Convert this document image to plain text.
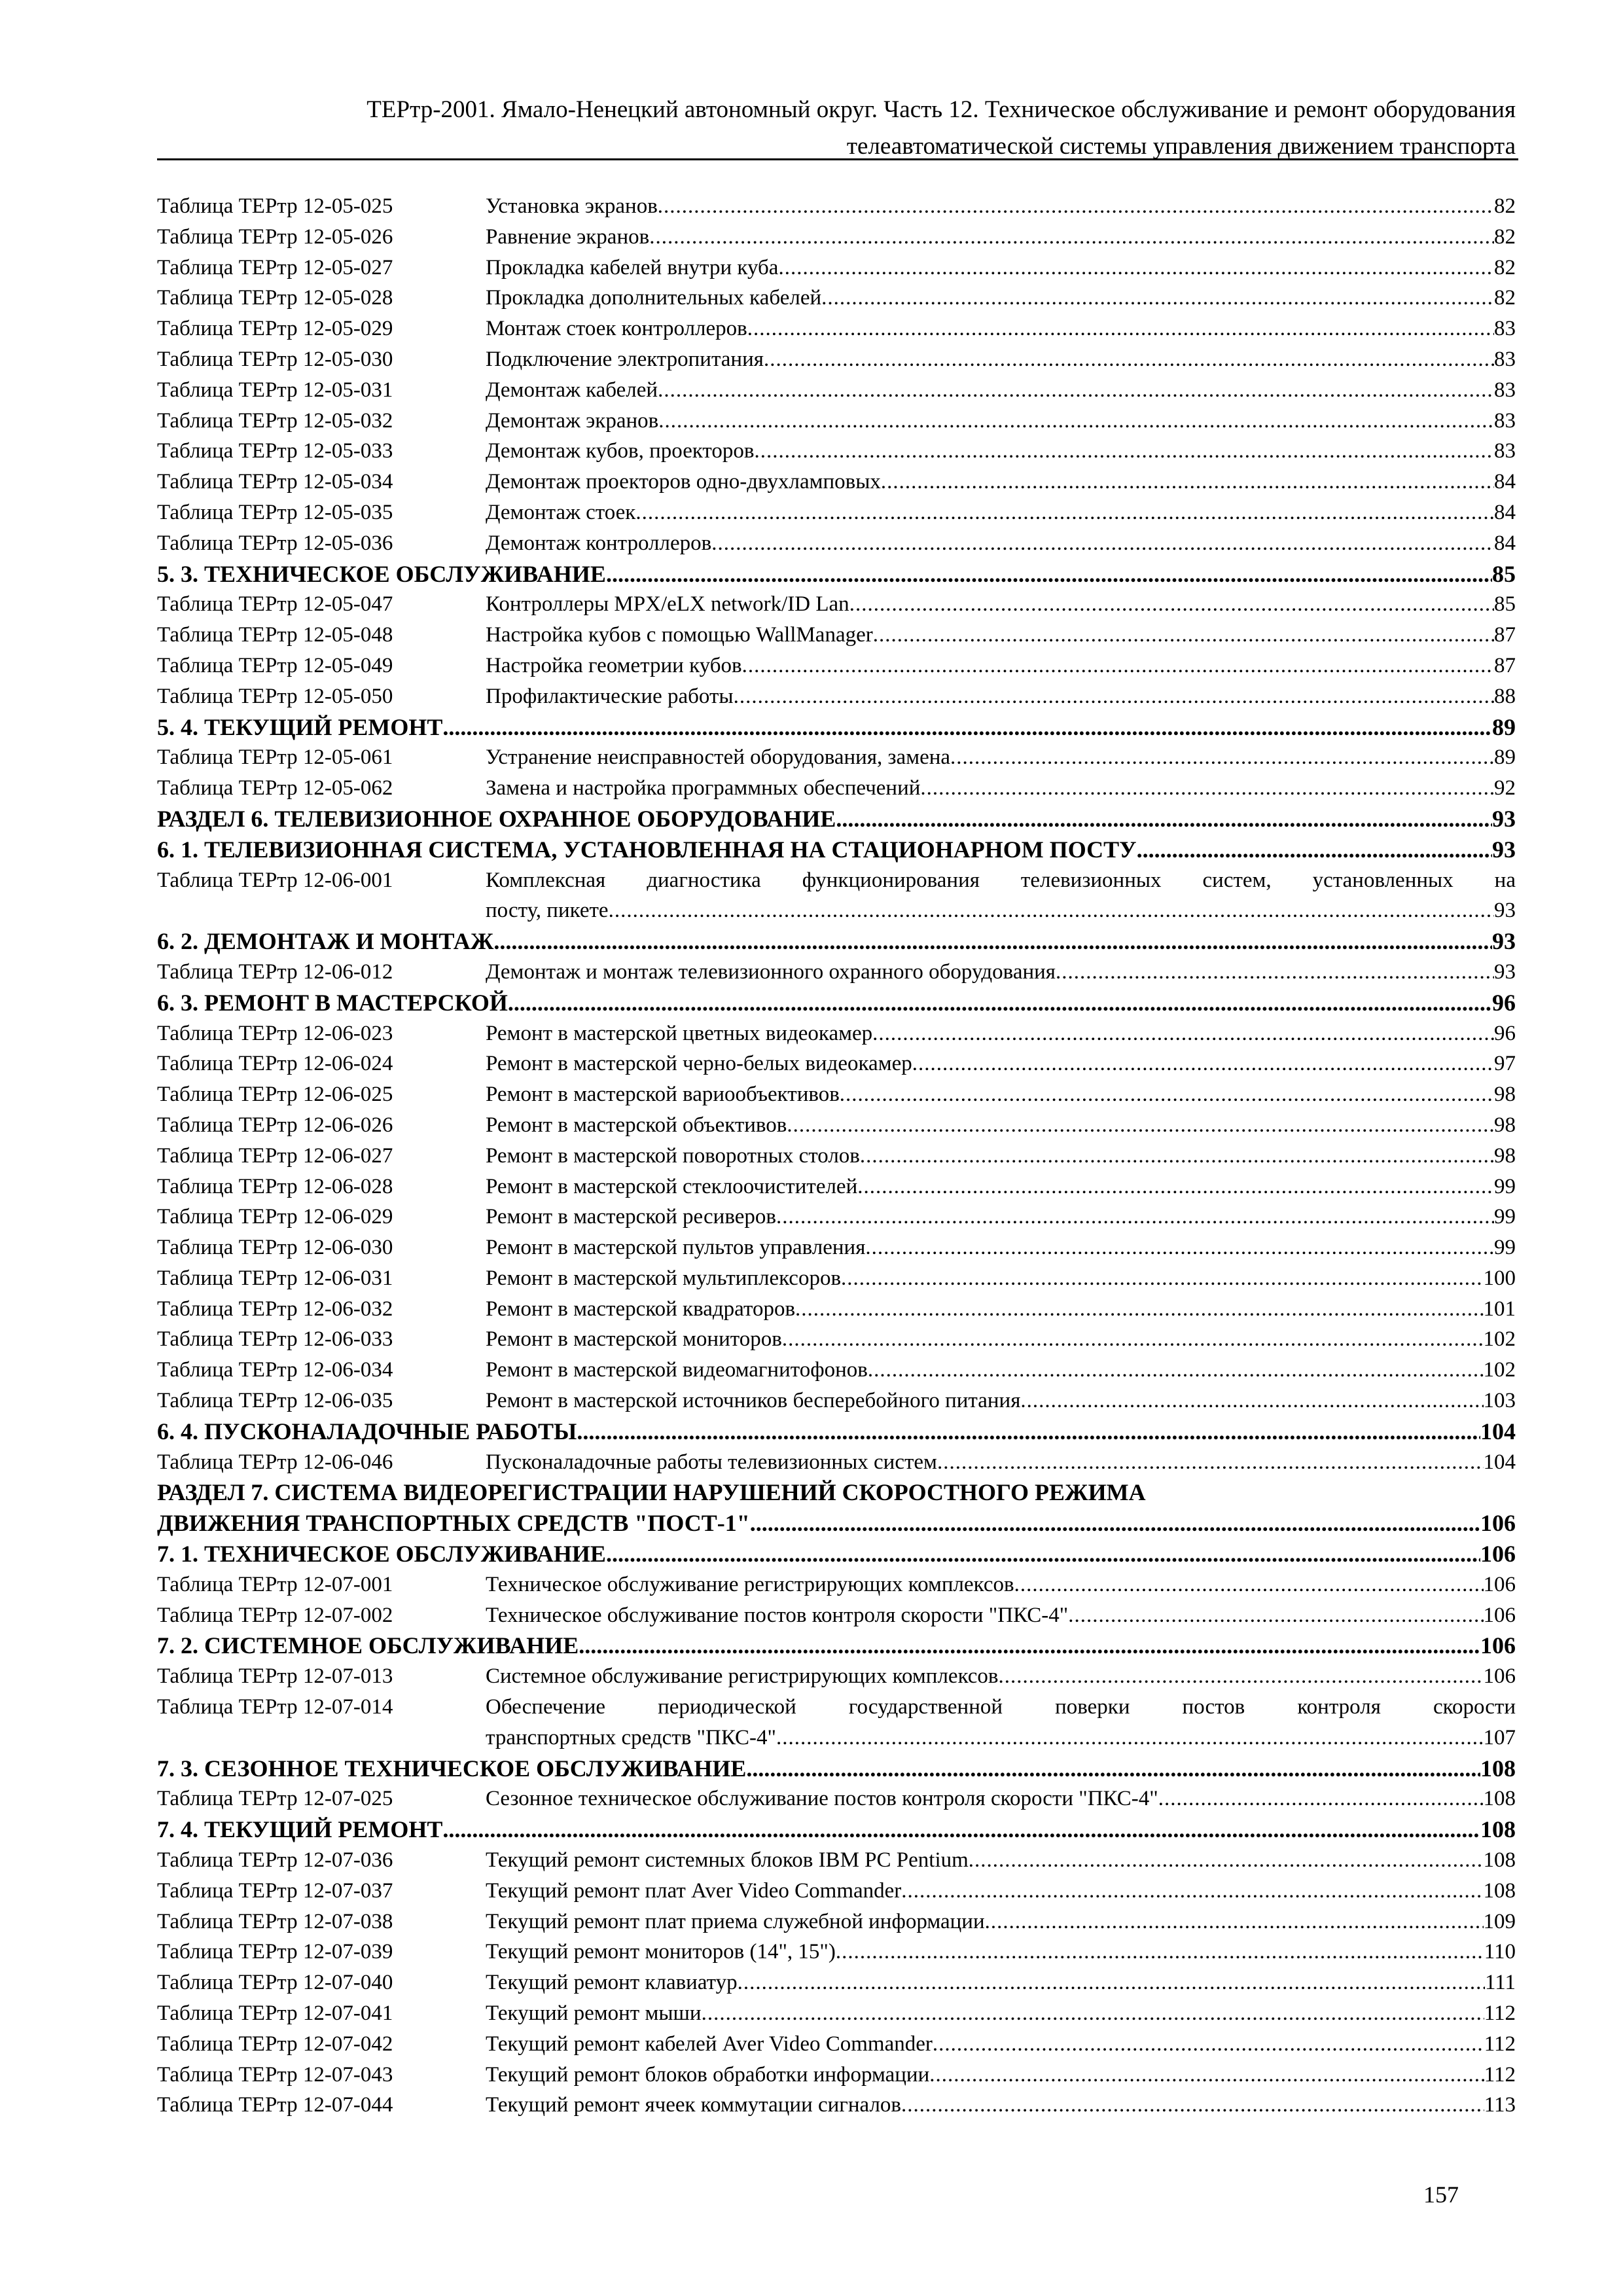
ТЕРтр-2001. Ямало-Ненецкий автономный округ. Часть 12. Техническое обслуживание и ремонт оборудования
телеавтоматической системы управления движением транспорта
Таблица ТЕРтр 12-05-025	Установка экранов .....	82
Таблица ТЕРтр 12-05-026	Равнение экранов .....	82
Таблица ТЕРтр 12-05-027	Прокладка кабелей внутри куба .....	82
Таблица ТЕРтр 12-05-028	Прокладка дополнительных кабелей .....	82
Таблица ТЕРтр 12-05-029	Монтаж стоек контроллеров .....	83
Таблица ТЕРтр 12-05-030	Подключение электропитания .....	83
Таблица ТЕРтр 12-05-031	Демонтаж кабелей .....	83
Таблица ТЕРтр 12-05-032	Демонтаж экранов .....	83
Таблица ТЕРтр 12-05-033	Демонтаж кубов, проекторов .....	83
Таблица ТЕРтр 12-05-034	Демонтаж проекторов одно-двухламповых .....	84
Таблица ТЕРтр 12-05-035	Демонтаж стоек .....	84
Таблица ТЕРтр 12-05-036	Демонтаж контроллеров .....	84
5. 3. ТЕХНИЧЕСКОЕ ОБСЛУЖИВАНИЕ .....	85
Таблица ТЕРтр 12-05-047	Контроллеры MPX/eLX network/ID Lan .....	85
Таблица ТЕРтр 12-05-048	Настройка кубов с помощью WallManager .....	87
Таблица ТЕРтр 12-05-049	Настройка геометрии кубов .....	87
Таблица ТЕРтр 12-05-050	Профилактические работы .....	88
5. 4. ТЕКУЩИЙ РЕМОНТ .....	89
Таблица ТЕРтр 12-05-061	Устранение неисправностей оборудования, замена .....	89
Таблица ТЕРтр 12-05-062	Замена и настройка программных обеспечений .....	92
РАЗДЕЛ 6. ТЕЛЕВИЗИОННОЕ ОХРАННОЕ ОБОРУДОВАНИЕ .....	93
6. 1. ТЕЛЕВИЗИОННАЯ СИСТЕМА, УСТАНОВЛЕННАЯ НА СТАЦИОНАРНОМ ПОСТУ .....	93
Таблица ТЕРтр 12-06-001	Комплексная диагностика функционирования телевизионных систем, установленных на
посту, пикете .....	93
6. 2. ДЕМОНТАЖ И МОНТАЖ .....	93
Таблица ТЕРтр 12-06-012	Демонтаж и монтаж телевизионного охранного оборудования .....	93
6. 3. РЕМОНТ В МАСТЕРСКОЙ .....	96
Таблица ТЕРтр 12-06-023	Ремонт в мастерской цветных видеокамер .....	96
Таблица ТЕРтр 12-06-024	Ремонт в мастерской черно-белых видеокамер .....	97
Таблица ТЕРтр 12-06-025	Ремонт в мастерской вариообъективов .....	98
Таблица ТЕРтр 12-06-026	Ремонт в мастерской объективов .....	98
Таблица ТЕРтр 12-06-027	Ремонт в мастерской поворотных столов .....	98
Таблица ТЕРтр 12-06-028	Ремонт в мастерской стеклоочистителей .....	99
Таблица ТЕРтр 12-06-029	Ремонт в мастерской ресиверов .....	99
Таблица ТЕРтр 12-06-030	Ремонт в мастерской пультов управления .....	99
Таблица ТЕРтр 12-06-031	Ремонт в мастерской мультиплексоров .....	100
Таблица ТЕРтр 12-06-032	Ремонт в мастерской квадраторов .....	101
Таблица ТЕРтр 12-06-033	Ремонт в мастерской мониторов .....	102
Таблица ТЕРтр 12-06-034	Ремонт в мастерской видеомагнитофонов .....	102
Таблица ТЕРтр 12-06-035	Ремонт в мастерской источников бесперебойного питания .....	103
6. 4. ПУСКОНАЛАДОЧНЫЕ РАБОТЫ .....	104
Таблица ТЕРтр 12-06-046	Пусконаладочные работы телевизионных систем .....	104
РАЗДЕЛ 7. СИСТЕМА ВИДЕОРЕГИСТРАЦИИ НАРУШЕНИЙ СКОРОСТНОГО РЕЖИМА
ДВИЖЕНИЯ ТРАНСПОРТНЫХ СРЕДСТВ "ПОСТ-1" .....	106
7. 1. ТЕХНИЧЕСКОЕ ОБСЛУЖИВАНИЕ .....	106
Таблица ТЕРтр 12-07-001	Техническое обслуживание регистрирующих комплексов .....	106
Таблица ТЕРтр 12-07-002	Техническое обслуживание постов контроля скорости "ПКС-4" .....	106
7. 2. СИСТЕМНОЕ ОБСЛУЖИВАНИЕ .....	106
Таблица ТЕРтр 12-07-013	Системное обслуживание регистрирующих комплексов .....	106
Таблица ТЕРтр 12-07-014	Обеспечение периодической государственной поверки постов контроля скорости
транспортных средств "ПКС-4" .....	107
7. 3. СЕЗОННОЕ ТЕХНИЧЕСКОЕ ОБСЛУЖИВАНИЕ .....	108
Таблица ТЕРтр 12-07-025	Сезонное техническое обслуживание постов контроля скорости "ПКС-4" .....	108
7. 4. ТЕКУЩИЙ РЕМОНТ .....	108
Таблица ТЕРтр 12-07-036	Текущий ремонт системных блоков IBM PC Pentium .....	108
Таблица ТЕРтр 12-07-037	Текущий ремонт плат Aver Video Commander .....	108
Таблица ТЕРтр 12-07-038	Текущий ремонт плат приема служебной информации .....	109
Таблица ТЕРтр 12-07-039	Текущий ремонт мониторов (14", 15") .....	110
Таблица ТЕРтр 12-07-040	Текущий ремонт клавиатур .....	111
Таблица ТЕРтр 12-07-041	Текущий ремонт мыши .....	112
Таблица ТЕРтр 12-07-042	Текущий ремонт кабелей Aver Video Commander .....	112
Таблица ТЕРтр 12-07-043	Текущий ремонт блоков обработки информации .....	112
Таблица ТЕРтр 12-07-044	Текущий ремонт ячеек коммутации сигналов .....	113
157
